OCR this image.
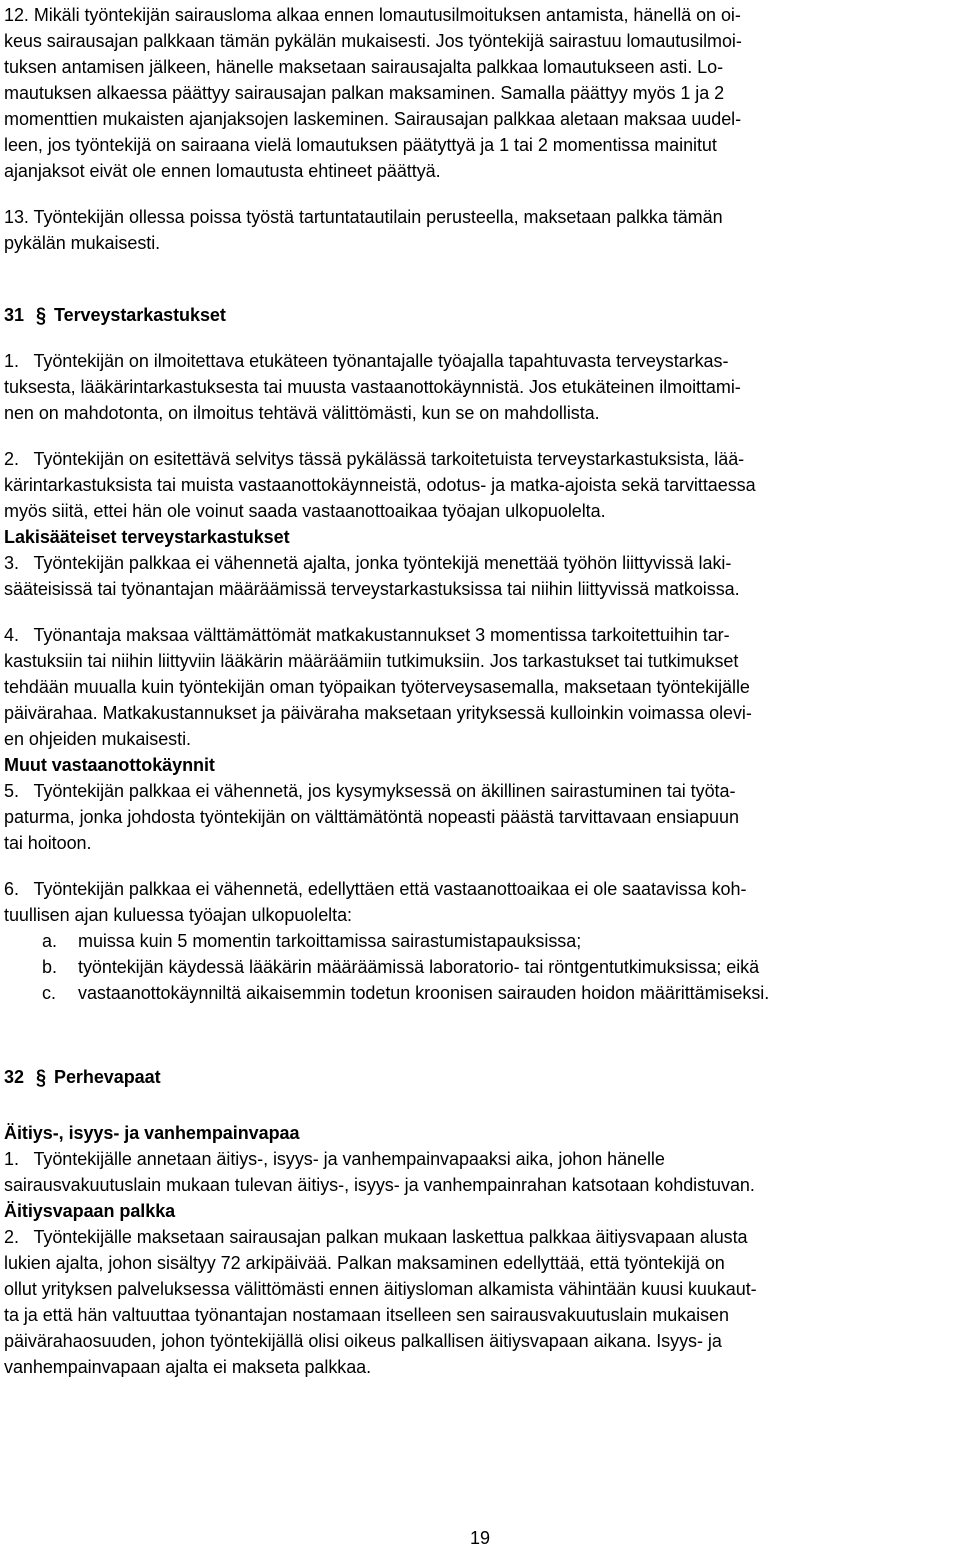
12. Mikäli työntekijän sairausloma alkaa ennen lomautusilmoituksen antamista, hänellä on oi-
keus sairausajan palkkaan tämän pykälän mukaisesti. Jos työntekijä sairastuu lomautusilmoi-
tuksen antamisen jälkeen, hänelle maksetaan sairausajalta palkkaa lomautukseen asti. Lo-
mautuksen alkaessa päättyy sairausajan palkan maksaminen. Samalla päättyy myös 1 ja 2
momenttien mukaisten ajanjaksojen laskeminen. Sairausajan palkkaa aletaan maksaa uudel-
leen, jos työntekijä on sairaana vielä lomautuksen päätyttyä ja 1 tai 2 momentissa mainitut
ajanjaksot eivät ole ennen lomautusta ehtineet päättyä.
13. Työntekijän ollessa poissa työstä tartuntatautilain perusteella, maksetaan palkka tämän
pykälän mukaisesti.
31 § Terveystarkastukset
1.   Työntekijän on ilmoitettava etukäteen työnantajalle työajalla tapahtuvasta terveystarkas-
tuksesta, lääkärintarkastuksesta tai muusta vastaanottokäynnistä. Jos etukäteinen ilmoittami-
nen on mahdotonta, on ilmoitus tehtävä välittömästi, kun se on mahdollista.
2.   Työntekijän on esitettävä selvitys tässä pykälässä tarkoitetuista terveystarkastuksista, lää-
kärintarkastuksista tai muista vastaanottokäynneistä, odotus- ja matka-ajoista sekä tarvittaessa
myös siitä, ettei hän ole voinut saada vastaanottoaikaa työajan ulkopuolelta.
Lakisääteiset terveystarkastukset
3.   Työntekijän palkkaa ei vähennetä ajalta, jonka työntekijä menettää työhön liittyvissä laki-
sääteisissä tai työnantajan määräämissä terveystarkastuksissa tai niihin liittyvissä matkoissa.
4.   Työnantaja maksaa välttämättömät matkakustannukset 3 momentissa tarkoitettuihin tar-
kastuksiin tai niihin liittyviin lääkärin määräämiin tutkimuksiin. Jos tarkastukset tai tutkimukset
tehdään muualla kuin työntekijän oman työpaikan työterveysasemalla, maksetaan työntekijälle
päivärahaa. Matkakustannukset ja päiväraha maksetaan yrityksessä kulloinkin voimassa olevi-
en ohjeiden mukaisesti.
Muut vastaanottokäynnit
5.   Työntekijän palkkaa ei vähennetä, jos kysymyksessä on äkillinen sairastuminen tai työta-
paturma, jonka johdosta työntekijän on välttämätöntä nopeasti päästä tarvittavaan ensiapuun
tai hoitoon.
6.   Työntekijän palkkaa ei vähennetä, edellyttäen että vastaanottoaikaa ei ole saatavissa koh-
tuullisen ajan kuluessa työajan ulkopuolelta:
a.	muissa kuin 5 momentin tarkoittamissa sairastumistapauksissa;
b.	työntekijän käydessä lääkärin määräämissä laboratorio- tai röntgentutkimuksissa; eikä
c.	vastaanottokäynniltä aikaisemmin todetun kroonisen sairauden hoidon määrittämiseksi.
32 § Perhevapaat
Äitiys-, isyys- ja vanhempainvapaa
1.   Työntekijälle annetaan äitiys-, isyys- ja vanhempainvapaaksi aika, johon hänelle
sairausvakuutuslain mukaan tulevan äitiys-, isyys- ja vanhempainrahan katsotaan kohdistuvan.
Äitiysvapaan palkka
2.   Työntekijälle maksetaan sairausajan palkan mukaan laskettua palkkaa äitiysvapaan alusta
lukien ajalta, johon sisältyy 72 arkipäivää. Palkan maksaminen edellyttää, että työntekijä on
ollut yrityksen palveluksessa välittömästi ennen äitiysloman alkamista vähintään kuusi kuukaut-
ta ja että hän valtuuttaa työnantajan nostamaan itselleen sen sairausvakuutuslain mukaisen
päivärahaosuuden, johon työntekijällä olisi oikeus palkallisen äitiysvapaan aikana. Isyys- ja
vanhempainvapaan ajalta ei makseta palkkaa.
19
